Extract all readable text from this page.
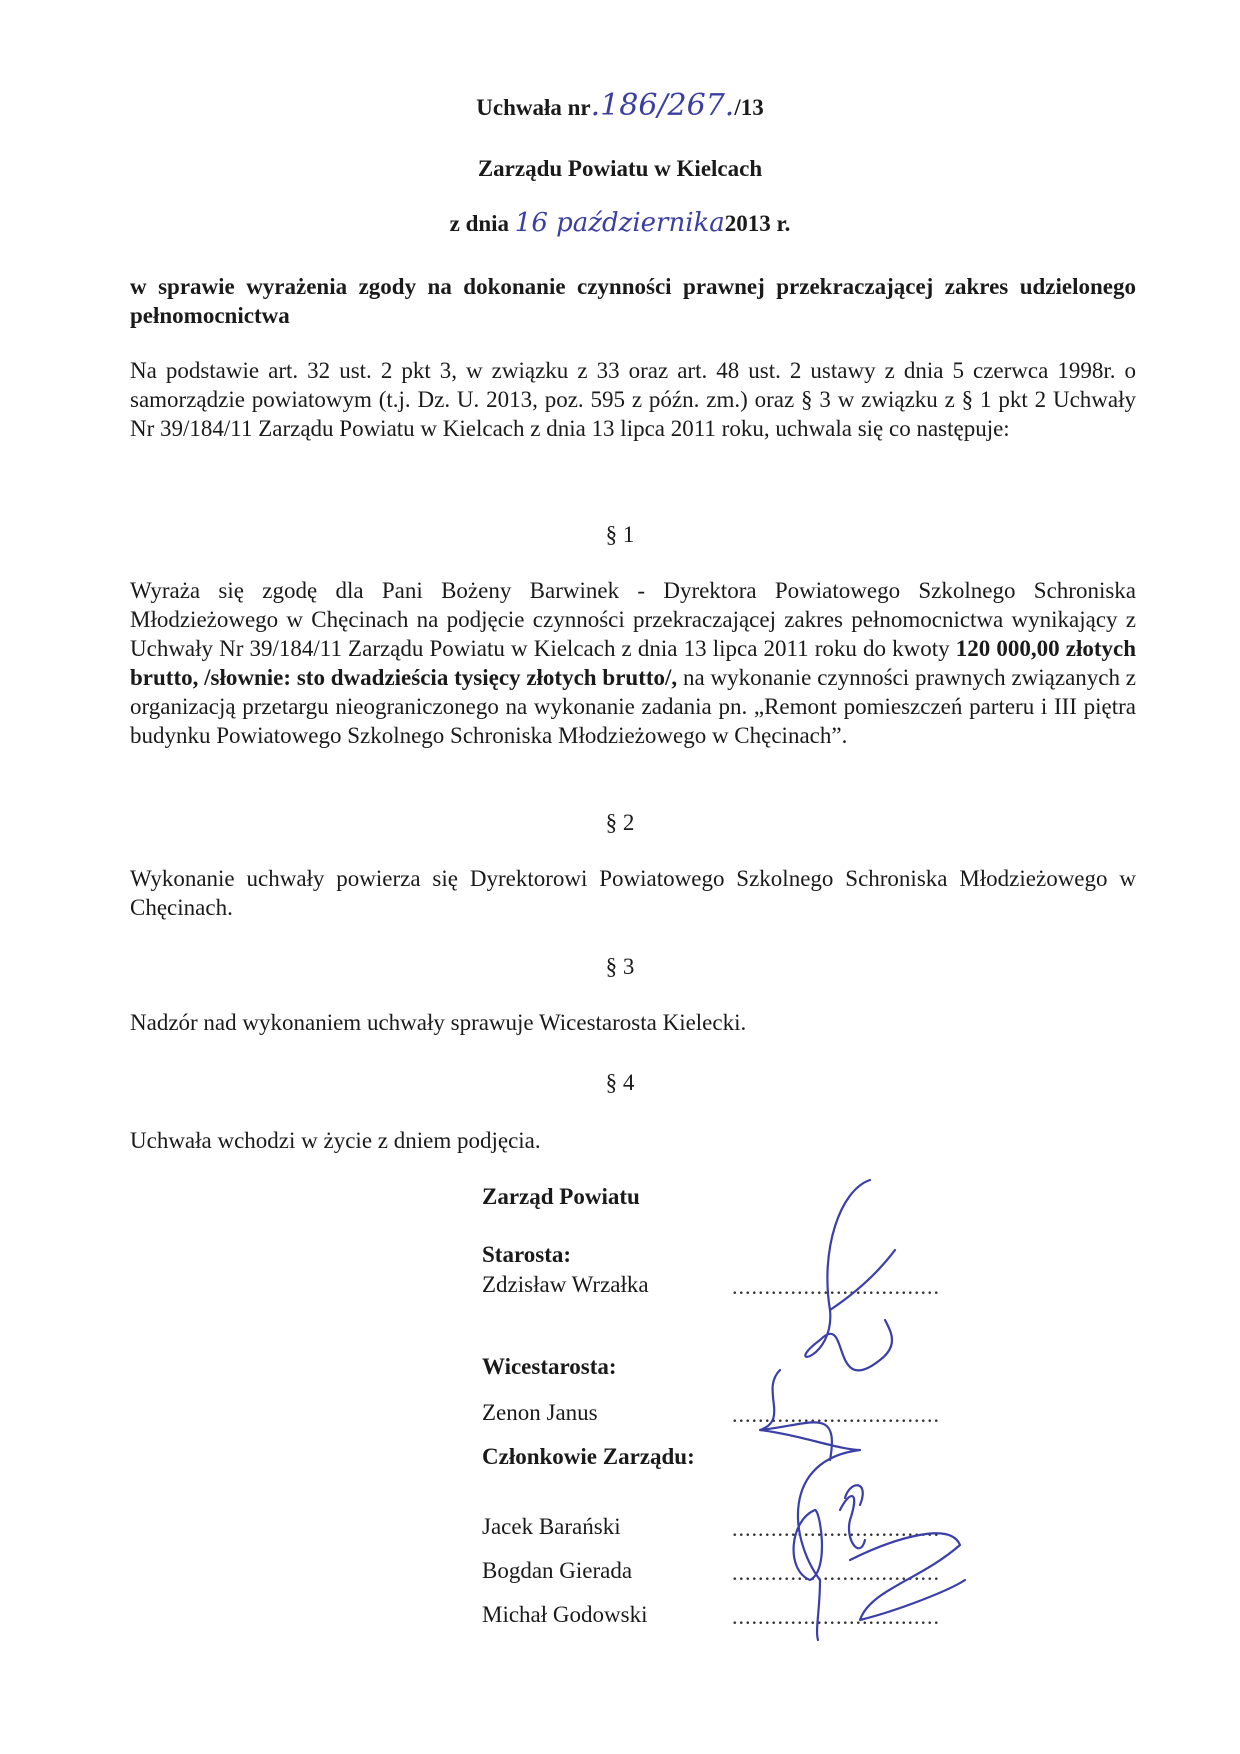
Uchwała nr.186/267./13
Zarządu Powiatu w Kielcach
z dnia 16 października2013 r.
w sprawie wyrażenia zgody na dokonanie czynności prawnej przekraczającej zakres udzielonego pełnomocnictwa
Na podstawie art. 32 ust. 2 pkt 3, w związku z 33 oraz art. 48 ust. 2 ustawy z dnia 5 czerwca 1998r. o samorządzie powiatowym (t.j. Dz. U. 2013, poz. 595 z późn. zm.) oraz § 3 w związku z § 1 pkt 2 Uchwały Nr 39/184/11 Zarządu Powiatu w Kielcach z dnia 13 lipca 2011 roku, uchwala się co następuje:
§ 1
Wyraża się zgodę dla Pani Bożeny Barwinek - Dyrektora Powiatowego Szkolnego Schroniska Młodzieżowego w Chęcinach na podjęcie czynności przekraczającej zakres pełnomocnictwa wynikający z Uchwały Nr 39/184/11 Zarządu Powiatu w Kielcach z dnia 13 lipca 2011 roku do kwoty 120 000,00 złotych brutto, /słownie: sto dwadzieścia tysięcy złotych brutto/, na wykonanie czynności prawnych związanych z organizacją przetargu nieograniczonego na wykonanie zadania pn. „Remont pomieszczeń parteru i III piętra budynku Powiatowego Szkolnego Schroniska Młodzieżowego w Chęcinach”.
§ 2
Wykonanie uchwały powierza się Dyrektorowi Powiatowego Szkolnego Schroniska Młodzieżowego w Chęcinach.
§ 3
Nadzór nad wykonaniem uchwały sprawuje Wicestarosta Kielecki.
§ 4
Uchwała wchodzi w życie z dniem podjęcia.
Zarząd Powiatu
Starosta:
Zdzisław Wrzałka	................................
Wicestarosta:
Zenon Janus	................................
Członkowie Zarządu:
Jacek Barański	................................
Bogdan Gierada	................................
Michał Godowski	................................
